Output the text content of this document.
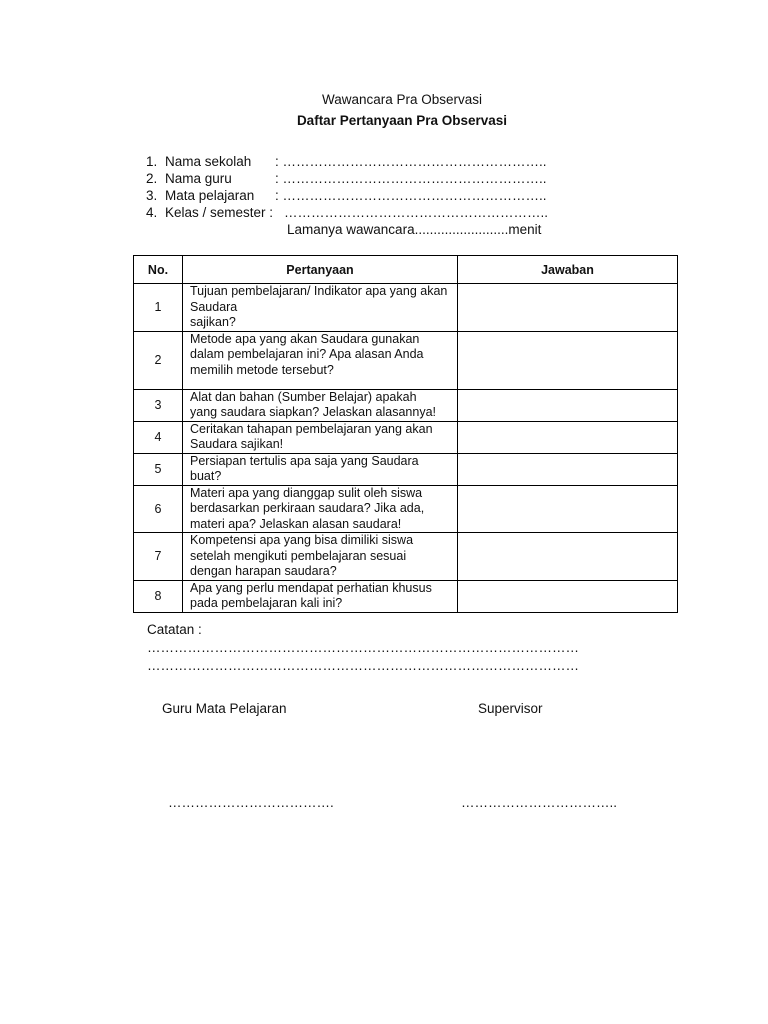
Wawancara Pra Observasi
Daftar Pertanyaan Pra Observasi
1. Nama sekolah : …………………………………………………..
2. Nama guru	: …………………………………………………..
3. Mata pelajaran : …………………………………………………..
4. Kelas / semester : …………………………………………………..
Lamanya wawancara.........................menit
No.	Pertanyaan	Jawaban
1	Tujuan pembelajaran/ Indikator apa yang akan
Saudara
sajikan?	
2	Metode apa yang akan Saudara gunakan
dalam pembelajaran ini? Apa alasan Anda
memilih metode tersebut?	
3	Alat dan bahan (Sumber Belajar) apakah
yang saudara siapkan? Jelaskan alasannya!	
4	Ceritakan tahapan pembelajaran yang akan
Saudara sajikan!	
5	Persiapan tertulis apa saja yang Saudara
buat?	
6	Materi apa yang dianggap sulit oleh siswa
berdasarkan perkiraan saudara? Jika ada,
materi apa? Jelaskan alasan saudara!	
7	Kompetensi apa yang bisa dimiliki siswa
setelah mengikuti pembelajaran sesuai
dengan harapan saudara?	
8	Apa yang perlu mendapat perhatian khusus
pada pembelajaran kali ini?	
Catatan :
……………………………………………………………………………………
……………………………………………………………………………………
Guru Mata Pelajaran	Supervisor
……………………………….	……………………………..
